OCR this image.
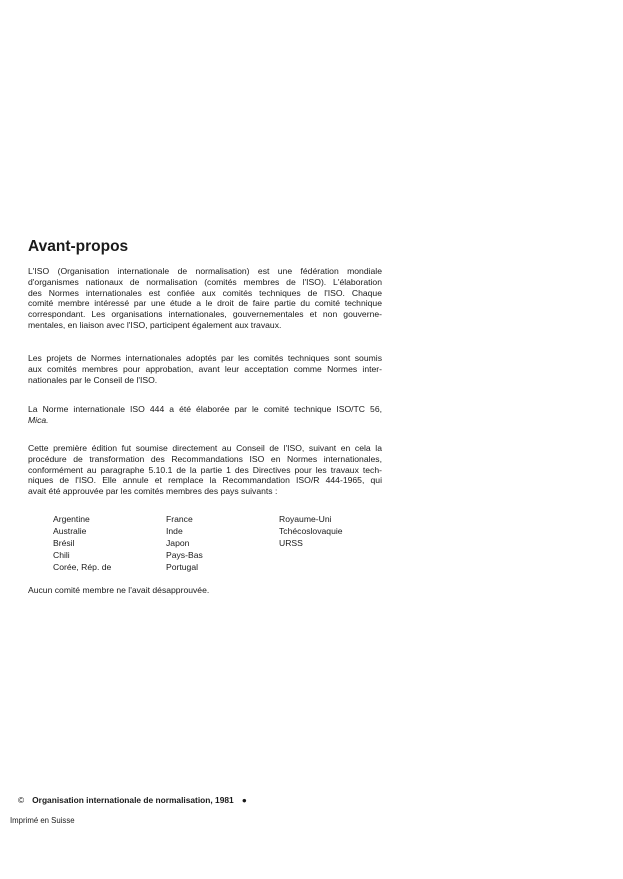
Avant-propos
L'ISO (Organisation internationale de normalisation) est une fédération mondiale
d'organismes nationaux de normalisation (comités membres de l'ISO). L'élaboration
des Normes internationales est confiée aux comités techniques de l'ISO. Chaque
comité membre intéressé par une étude a le droit de faire partie du comité technique
correspondant. Les organisations internationales, gouvernementales et non gouverne-
mentales, en liaison avec l'ISO, participent également aux travaux.
Les projets de Normes internationales adoptés par les comités techniques sont soumis
aux comités membres pour approbation, avant leur acceptation comme Normes inter-
nationales par le Conseil de l'ISO.
La Norme internationale ISO 444 a été élaborée par le comité technique ISO/TC 56,
Mica.
Cette première édition fut soumise directement au Conseil de l'ISO, suivant en cela la
procédure de transformation des Recommandations ISO en Normes internationales,
conformément au paragraphe 5.10.1 de la partie 1 des Directives pour les travaux tech-
niques de l'ISO. Elle annule et remplace la Recommandation ISO/R 444-1965, qui
avait été approuvée par les comités membres des pays suivants :
Argentine
Australie
Brésil
Chili
Corée, Rép. de
France
Inde
Japon
Pays-Bas
Portugal
Royaume-Uni
Tchécoslovaquie
URSS
Aucun comité membre ne l'avait désapprouvée.
© Organisation internationale de normalisation, 1981 ●
Imprimé en Suisse
